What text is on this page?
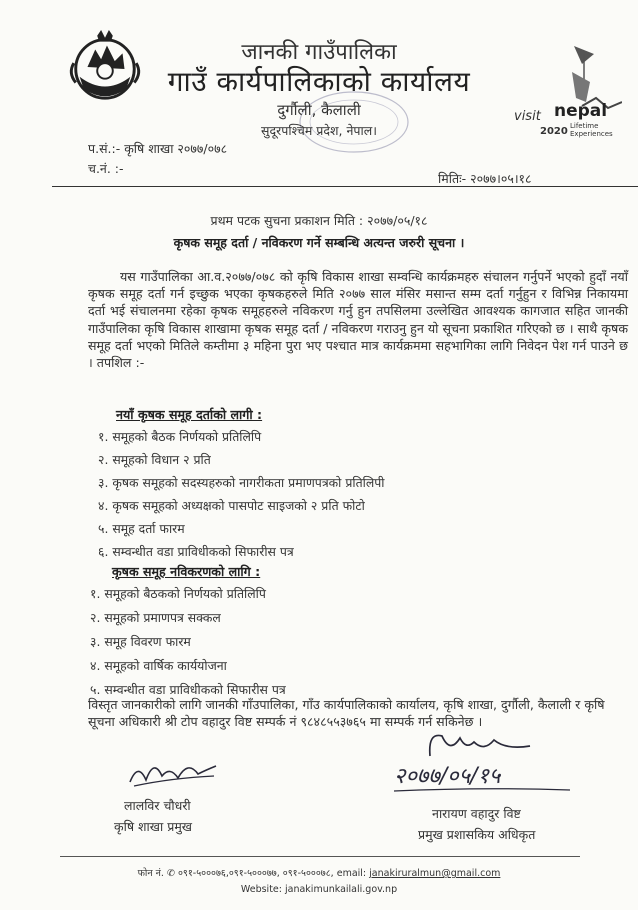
visit nepal
2020 Lifetime
Experiences
जानकी गाउँपालिका
गाउँ कार्यपालिकाको कार्यालय
दुर्गौली, कैलाली
सुदूरपश्चिम प्रदेश, नेपाल।
प.सं.:- कृषि शाखा २०७७/०७८
च.नं. :-
मितिः- २०७७।०५।१८
प्रथम पटक सुचना प्रकाशन मिति : २०७७/०५/१८
कृषक समूह दर्ता / नविकरण गर्ने सम्बन्धि अत्यन्त जरुरी सूचना ।
यस गाउँपालिका आ.व.२०७७/०७८ को कृषि विकास शाखा सम्वन्धि कार्यक्रमहरु संचालन गर्नुपर्ने भएको हुदाँ नयाँ कृषक समूह दर्ता गर्न इच्छुक भएका कृषकहरुले मिति २०७७ साल मंसिर मसान्त सम्म दर्ता गर्नुहुन र विभिन्न निकायमा दर्ता भई संचालनमा रहेका कृषक समूहहरुले नविकरण गर्नु हुन तपसिलमा उल्लेखित आवश्यक कागजात सहित जानकी गाउँपालिका कृषि विकास शाखामा कृषक समूह दर्ता / नविकरण गराउनु हुन यो सूचना प्रकाशित गरिएको छ । साथै कृषक समूह दर्ता भएको मितिले कम्तीमा ३ महिना पुरा भए पश्चात मात्र कार्यक्रममा सहभागिका लागि निवेदन पेश गर्न पाउने छ । तपशिल :-
नयाँ कृषक समूह दर्ताको लागी :
१. समूहको बैठक निर्णयको प्रतिलिपि
२. समूहको विधान २ प्रति
३. कृषक समूहको सदस्यहरुको नागरीकता प्रमाणपत्रको प्रतिलिपी
४. कृषक समूहको अध्यक्षको पासपोट साइजको २ प्रति फोटो
५. समूह दर्ता फारम
६. सम्वन्धीत वडा प्राविधीकको सिफारीस पत्र
कृषक समूह नविकरणको लागि :
१. समूहको बैठकको निर्णयको प्रतिलिपि
२. समूहको प्रमाणपत्र सक्कल
३. समूह विवरण फारम
४. समूहको वार्षिक कार्ययोजना
५. सम्वन्धीत वडा प्राविधीकको सिफारीस पत्र
विस्तृत जानकारीको लागि जानकी गाँउपालिका, गाँउ कार्यपालिकाको कार्यालय, कृषि शाखा, दुर्गौली, कैलाली र कृषि सूचना अधिकारी श्री टोप वहादुर विष्ट सम्पर्क नं ९८४८५५३७६५ मा सम्पर्क गर्न सकिनेछ ।
लालविर चौधरी
कृषि शाखा प्रमुख
२०७७/०५/१५
नारायण वहादुर विष्ट
प्रमुख प्रशासकिय अधिकृत
फोन नं. ✆ ०९१-५०००७६,०९१-५०००७७, ०९१-५०००७८, email: janakiruralmun@gmail.com
Website: janakimunkailali.gov.np
